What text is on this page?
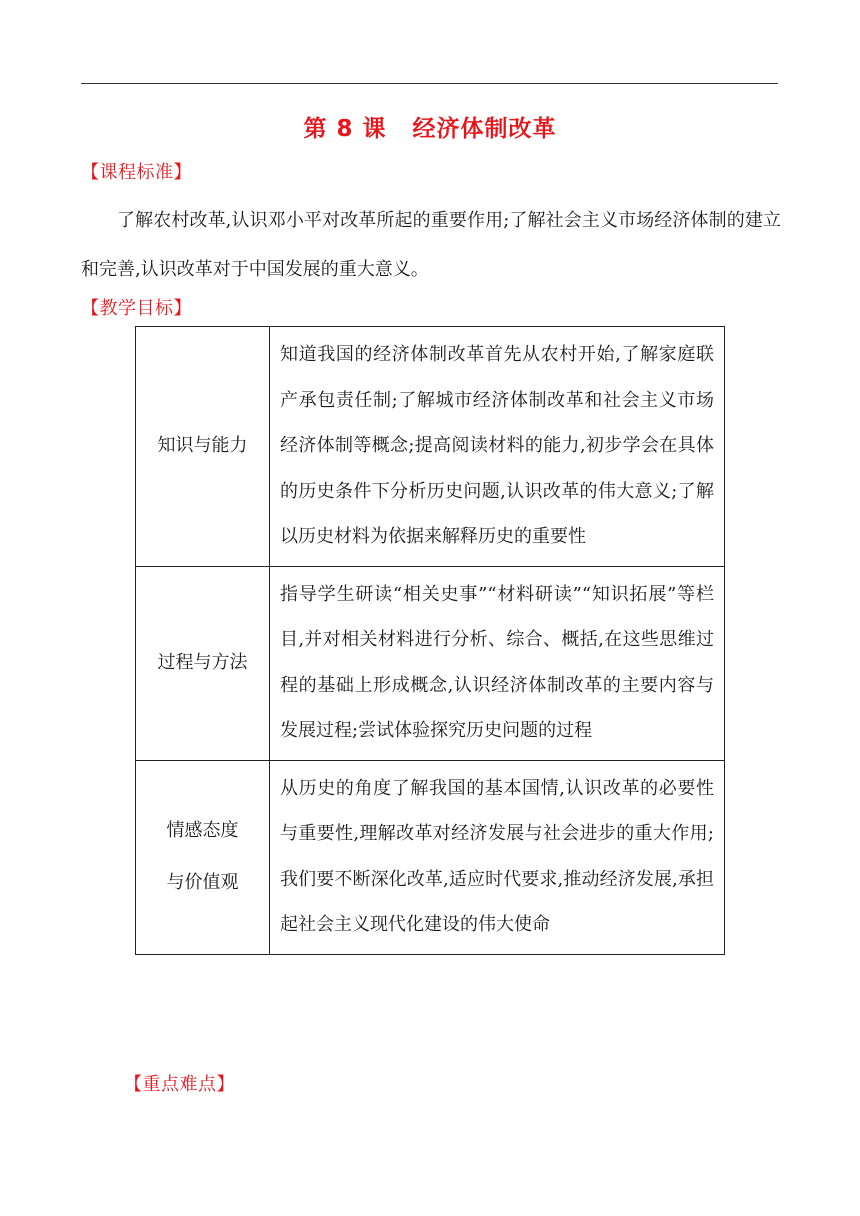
第 8 课 经济体制改革
【课程标准】
了解农村改革,认识邓小平对改革所起的重要作用;了解社会主义市场经济体制的建立和完善,认识改革对于中国发展的重大意义。
【教学目标】
知识与能力	知道我国的经济体制改革首先从农村开始,了解家庭联产承包责任制;了解城市经济体制改革和社会主义市场经济体制等概念;提高阅读材料的能力,初步学会在具体的历史条件下分析历史问题,认识改革的伟大意义;了解以历史材料为依据来解释历史的重要性

过程与方法	指导学生研读“相关史事”“材料研读”“知识拓展”等栏目,并对相关材料进行分析、综合、概括,在这些思维过程的基础上形成概念,认识经济体制改革的主要内容与发展过程;尝试体验探究历史问题的过程

情感态度
与价值观	从历史的角度了解我国的基本国情,认识改革的必要性与重要性,理解改革对经济发展与社会进步的重大作用;我们要不断深化改革,适应时代要求,推动经济发展,承担起社会主义现代化建设的伟大使命
【重点难点】
